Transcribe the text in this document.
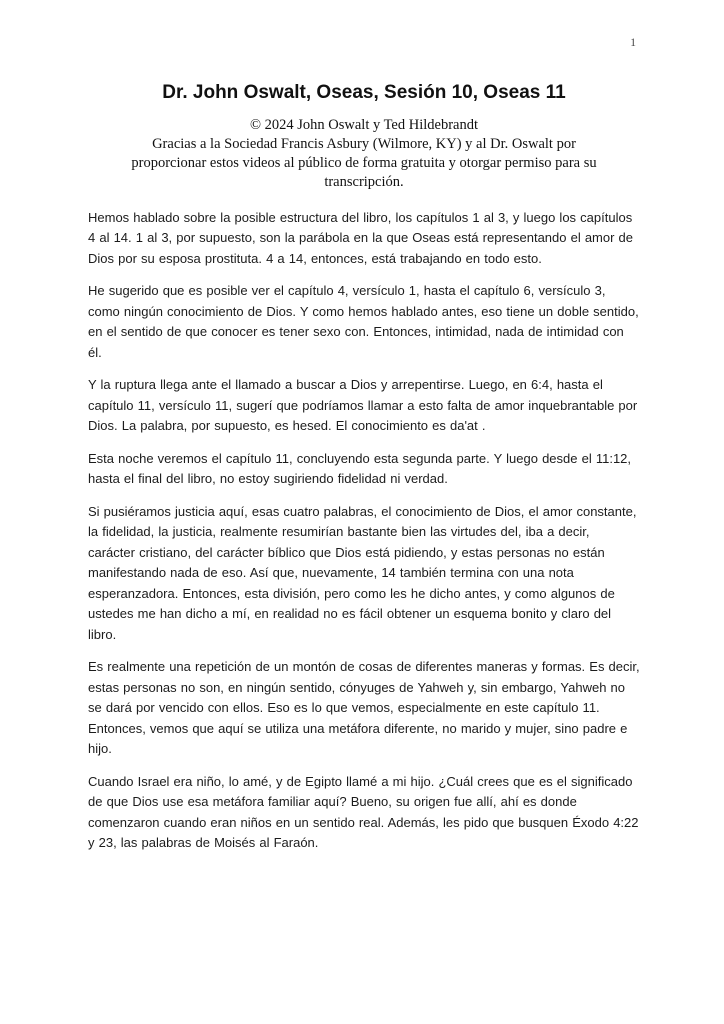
1
Dr. John Oswalt, Oseas, Sesión 10, Oseas 11
© 2024 John Oswalt y Ted Hildebrandt
Gracias a la Sociedad Francis Asbury (Wilmore, KY) y al Dr. Oswalt por
proporcionar estos videos al público de forma gratuita y otorgar permiso para su
transcripción.

Hemos hablado sobre la posible estructura del libro, los capítulos 1 al 3, y luego los capítulos 4 al 14. 1 al 3, por supuesto, son la parábola en la que Oseas está representando el amor de Dios por su esposa prostituta. 4 a 14, entonces, está trabajando en todo esto.

He sugerido que es posible ver el capítulo 4, versículo 1, hasta el capítulo 6, versículo 3, como ningún conocimiento de Dios. Y como hemos hablado antes, eso tiene un doble sentido, en el sentido de que conocer es tener sexo con. Entonces, intimidad, nada de intimidad con él.

Y la ruptura llega ante el llamado a buscar a Dios y arrepentirse. Luego, en 6:4, hasta el capítulo 11, versículo 11, sugerí que podríamos llamar a esto falta de amor inquebrantable por Dios. La palabra, por supuesto, es hesed. El conocimiento es da'at .

Esta noche veremos el capítulo 11, concluyendo esta segunda parte. Y luego desde el 11:12, hasta el final del libro, no estoy sugiriendo fidelidad ni verdad.

Si pusiéramos justicia aquí, esas cuatro palabras, el conocimiento de Dios, el amor constante, la fidelidad, la justicia, realmente resumirían bastante bien las virtudes del, iba a decir, carácter cristiano, del carácter bíblico que Dios está pidiendo, y estas personas no están manifestando nada de eso. Así que, nuevamente, 14 también termina con una nota esperanzadora. Entonces, esta división, pero como les he dicho antes, y como algunos de ustedes me han dicho a mí, en realidad no es fácil obtener un esquema bonito y claro del libro.

Es realmente una repetición de un montón de cosas de diferentes maneras y formas. Es decir, estas personas no son, en ningún sentido, cónyuges de Yahweh y, sin embargo, Yahweh no se dará por vencido con ellos. Eso es lo que vemos, especialmente en este capítulo 11. Entonces, vemos que aquí se utiliza una metáfora diferente, no marido y mujer, sino padre e hijo.

Cuando Israel era niño, lo amé, y de Egipto llamé a mi hijo. ¿Cuál crees que es el significado de que Dios use esa metáfora familiar aquí? Bueno, su origen fue allí, ahí es donde comenzaron cuando eran niños en un sentido real. Además, les pido que busquen Éxodo 4:22 y 23, las palabras de Moisés al Faraón.
